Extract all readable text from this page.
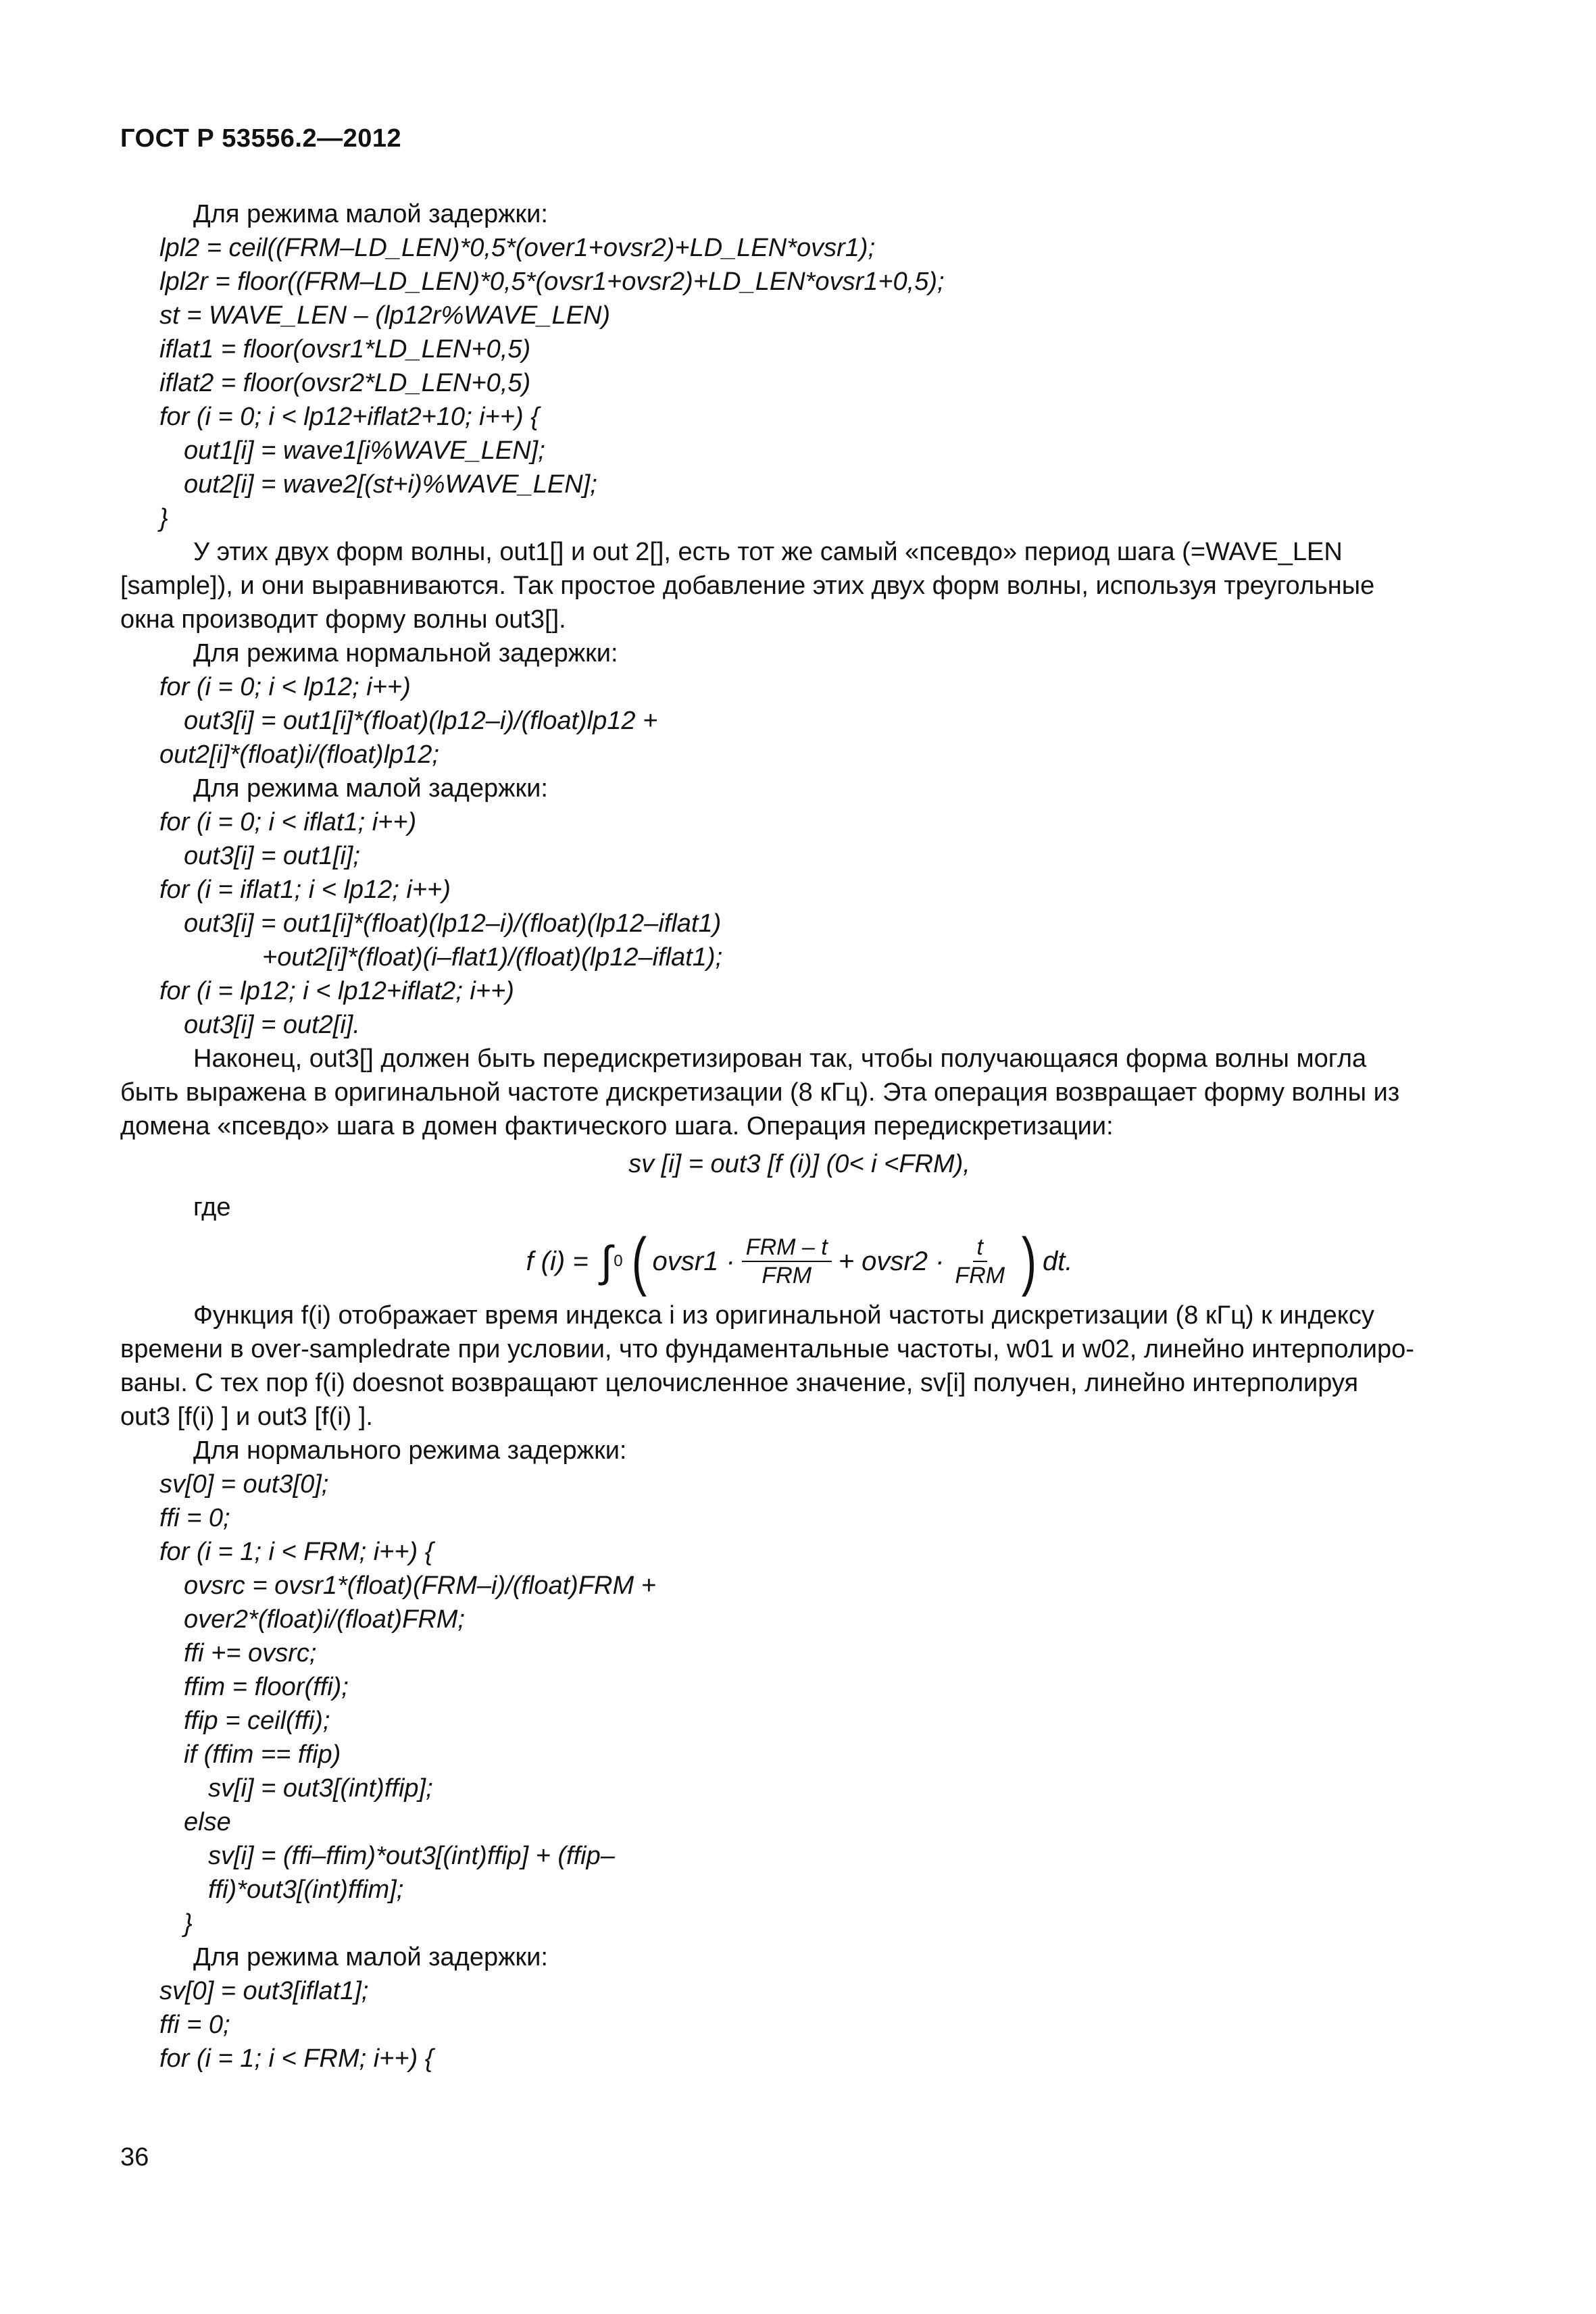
ГОСТ Р 53556.2—2012
Для режима малой задержки:
lpl2 = ceil((FRM–LD_LEN)*0,5*(over1+ovsr2)+LD_LEN*ovsr1);
lpl2r = floor((FRM–LD_LEN)*0,5*(ovsr1+ovsr2)+LD_LEN*ovsr1+0,5);
st = WAVE_LEN – (lp12r%WAVE_LEN)
iflat1 = floor(ovsr1*LD_LEN+0,5)
iflat2 = floor(ovsr2*LD_LEN+0,5)
for (i = 0; i < lp12+iflat2+10; i++) {
out1[i] = wave1[i%WAVE_LEN];
out2[i] = wave2[(st+i)%WAVE_LEN];
}
У этих двух форм волны, out1[] и out 2[], есть тот же самый «псевдо» период шага (=WAVE_LEN
[sample]), и они выравниваются. Так простое добавление этих двух форм волны, используя треугольные
окна производит форму волны out3[].
Для режима нормальной задержки:
for (i = 0; i < lp12; i++)
out3[i] = out1[i]*(float)(lp12–i)/(float)lp12 +
out2[i]*(float)i/(float)lp12;
Для режима малой задержки:
for (i = 0; i < iflat1; i++)
out3[i] = out1[i];
for (i = iflat1; i < lp12; i++)
out3[i] = out1[i]*(float)(lp12–i)/(float)(lp12–iflat1)
+out2[i]*(float)(i–flat1)/(float)(lp12–iflat1);
for (i = lp12; i < lp12+iflat2; i++)
out3[i] = out2[i].
Наконец, out3[] должен быть передискретизирован так, чтобы получающаяся форма волны могла
быть выражена в оригинальной частоте дискретизации (8 кГц). Эта операция возвращает форму волны из
домена «псевдо» шага в домен фактического шага. Операция передискретизации:
sv [i] = out3 [f (i)] (0< i <FRM),
где
f (i) = ∫ 0 ( ovsr1 · $\frac{\text{FRM – t}}{\text{FRM}}$ + ovsr2 · $\frac{t}{\text{FRM}}$ ) dt.
Функция f(i) отображает время индекса i из оригинальной частоты дискретизации (8 кГц) к индексу
времени в over-sampledrate при условии, что фундаментальные частоты, w01 и w02, линейно интерполиро-
ваны. С тех пор f(i) doesnot возвращают целочисленное значение, sv[i] получен, линейно интерполируя
out3 [f(i) ] и out3 [f(i) ].
Для нормального режима задержки:
sv[0] = out3[0];
ffi = 0;
for (i = 1; i < FRM; i++) {
ovsrc = ovsr1*(float)(FRM–i)/(float)FRM +
over2*(float)i/(float)FRM;
ffi += ovsrc;
ffim = floor(ffi);
ffip = ceil(ffi);
if (ffim == ffip)
sv[i] = out3[(int)ffip];
else
sv[i] = (ffi–ffim)*out3[(int)ffip] + (ffip–
ffi)*out3[(int)ffim];
}
Для режима малой задержки:
sv[0] = out3[iflat1];
ffi = 0;
for (i = 1; i < FRM; i++) {
36
